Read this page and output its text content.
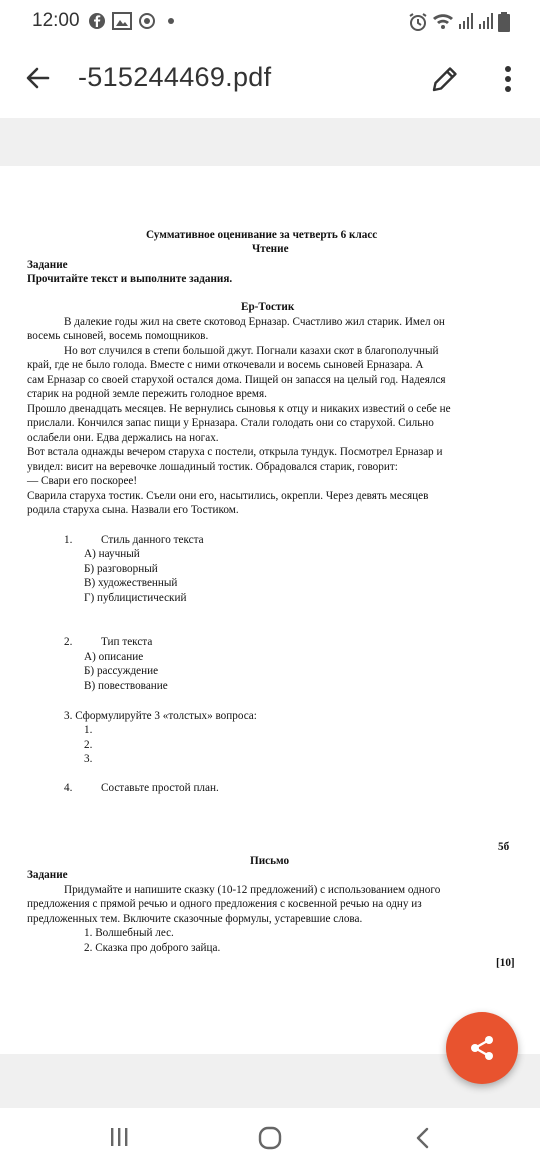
12:00
-515244469.pdf
Суммативное оценивание за четверть 6 класс
Чтение
Задание
Прочитайте текст и выполните задания.
Ер-Тостик
В далекие годы жил на свете скотовод Ерназар. Счастливо жил старик. Имел он
восемь сыновей, восемь помощников.
Но вот случился в степи большой джут. Погнали казахи скот в благополучный
край, где не было голода. Вместе с ними откочевали и восемь сыновей Ерназара. А
сам Ерназар со своей старухой остался дома. Пищей он запасся на целый год. Надеялся
старик на родной земле пережить голодное время.
Прошло двенадцать месяцев. Не вернулись сыновья к отцу и никаких известий о себе не
прислали. Кончился запас пищи у Ерназара. Стали голодать они со старухой. Сильно
ослабели они. Едва держались на ногах.
Вот встала однажды вечером старуха с постели, открыла тундук. Посмотрел Ерназар и
увидел: висит на веревочке лошадиный тостик. Обрадовался старик, говорит:
— Свари его поскорее!
Сварила старуха тостик. Съели они его, насытились, окрепли. Через девять месяцев
родила старуха сына. Назвали его Тостиком.
1.	Стиль данного текста
А) научный
Б) разговорный
В) художественный
Г) публицистический
2.	Тип текста
А) описание
Б) рассуждение
В) повествование
3. Сформулируйте 3 «толстых» вопроса:
1.
2.
3.
4.	Составьте простой план.
5б
Письмо
Задание
Придумайте и напишите сказку (10-12 предложений) с использованием одного
предложения с прямой речью и одного предложения с косвенной речью на одну из
предложенных тем. Включите сказочные формулы, устаревшие слова.
1. Волшебный лес.
2. Сказка про доброго зайца.
[10]
